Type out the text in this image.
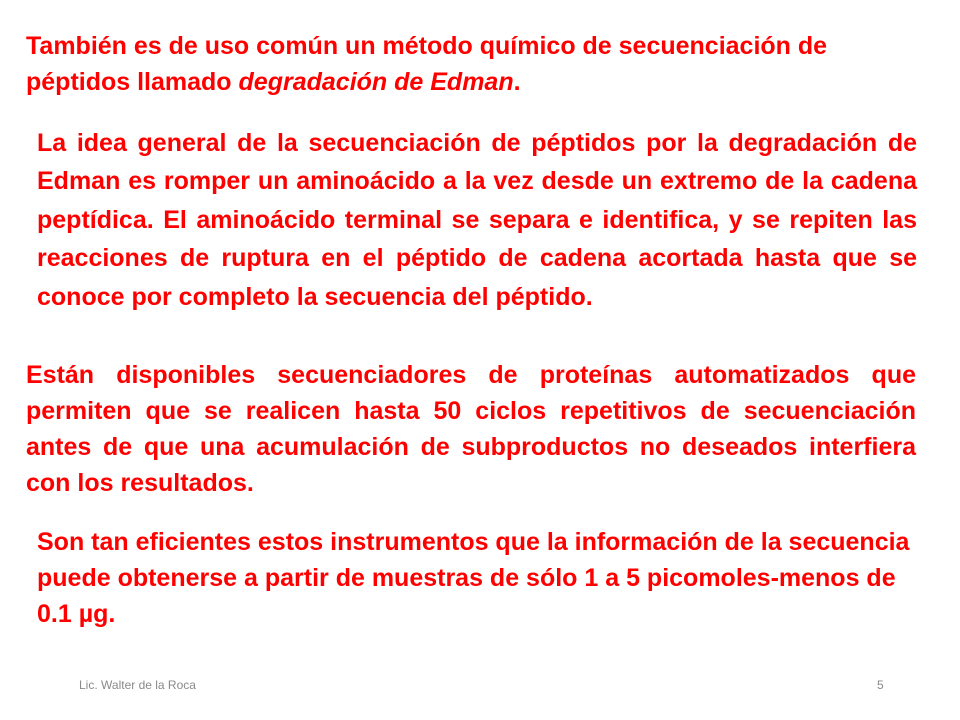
También es de uso común un método químico de secuenciación de péptidos llamado degradación de Edman.

La idea general de la secuenciación de péptidos por la degradación de Edman es romper un aminoácido a la vez desde un extremo de la cadena peptídica. El aminoácido terminal se separa e identifica, y se repiten las reacciones de ruptura en el péptido de cadena acortada hasta que se conoce por completo la secuencia del péptido.

Están disponibles secuenciadores de proteínas automatizados que permiten que se realicen hasta 50 ciclos repetitivos de secuenciación antes de que una acumulación de subproductos no deseados interfiera con los resultados.

Son tan eficientes estos instrumentos que la información de la secuencia puede obtenerse a partir de muestras de sólo 1 a 5 picomoles-menos de 0.1 µg.

Lic. Walter de la Roca	5
